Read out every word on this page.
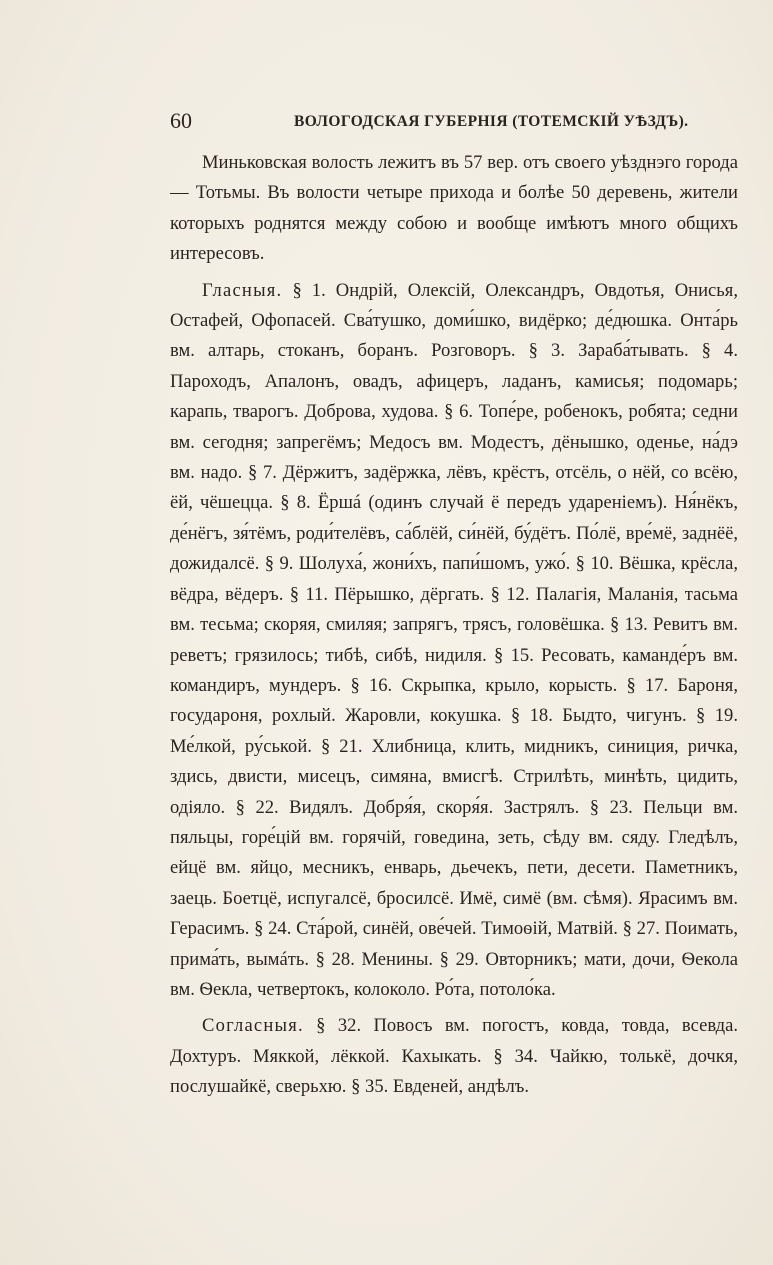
60	ВОЛОГОДСКАЯ ГУБЕРНІЯ (ТОТЕМСКІЙ УѢЗДЪ).

Миньковская волость лежитъ въ 57 вер. отъ своего уѣзднэго города — Тотьмы. Въ волости четыре прихода и болѣе 50 деревень, жители которыхъ роднятся между собою и вообще имѣютъ много общихъ интересовъ.

Гласныя. § 1. Ондрій, Олексій, Олександръ, Овдотья, Онисья, Остафей, Офопасей. Сва́тушко, доми́шко, видёрко; де́дюшка. Онта́рь вм. алтарь, стоканъ, боранъ. Розговоръ. § 3. Зараба́тывать. § 4. Пароходъ, Апалонъ, овадъ, афицеръ, ладанъ, камисья; подомарь; карапь, тварогъ. Доброва, худова. § 6. Топе́ре, робенокъ, робята; седни вм. сегодня; запрегёмъ; Медосъ вм. Модестъ, дёнышко, оденье, на́дэ вм. надо. § 7. Дёржитъ, задёржка, лёвъ, крёстъ, отсёль, о нёй, со всёю, ёй, чёшецца. § 8. Ёршá (одинъ случай ё передъ удареніемъ). Ня́нёкъ, де́нёгъ, зя́тёмъ, роди́телёвъ, са́блёй, си́нёй, бу́дётъ. По́лё, вре́мё, заднёё, дожидалсё. § 9. Шолуха́, жони́хъ, папи́шомъ, ужо́. § 10. Вёшка, крёсла, вёдра, вёдеръ. § 11. Пёрышко, дёргать. § 12. Палагія, Маланія, тасьма вм. тесьма; скоряя, смиляя; запрягъ, трясъ, головёшка. § 13. Ревитъ вм. реветъ; грязилось; тибѣ, сибѣ, нидиля. § 15. Ресовать, каманде́ръ вм. командиръ, мундеръ. § 16. Скрыпка, крыло, корысть. § 17. Бароня, государоня, рохлый. Жаровли, кокушка. § 18. Быдто, чигунъ. § 19. Ме́лкой, ру́ськой. § 21. Хлибница, клить, мидникъ, синиция, ричка, здись, двисти, мисецъ, симяна, вмисгѣ. Стрилѣть, минѣть, цидить, одіяло. § 22. Видялъ. Добря́я, скоря́я. Застрялъ. § 23. Пельци вм. пяльцы, горе́цій вм. горячій, говедина, зеть, сѣду вм. сяду. Гледѣлъ, ейцё вм. яйцо, месникъ, енварь, дьечекъ, пети, десети. Паметникъ, заець. Боетцё, испугалсё, бросилсё. Имё, симё (вм. сѣмя). Ярасимъ вм. Герасимъ. § 24. Ста́рой, синёй, ове́чей. Тимоѳій, Матвій. § 27. Поимать, прима́ть, вымáть. § 28. Менины. § 29. Овторникъ; мати, дочи, Ѳекола вм. Ѳекла, четвертокъ, колоколо. Ро́та, потоло́ка.

Согласныя. § 32. Повосъ вм. погостъ, ковда, товда, всевда. Дохтуръ. Мяккой, лёккой. Кахыкать. § 34. Чайкю, толькё, дочкя, послушайкё, сверьхю. § 35. Евденей, андѣлъ.
